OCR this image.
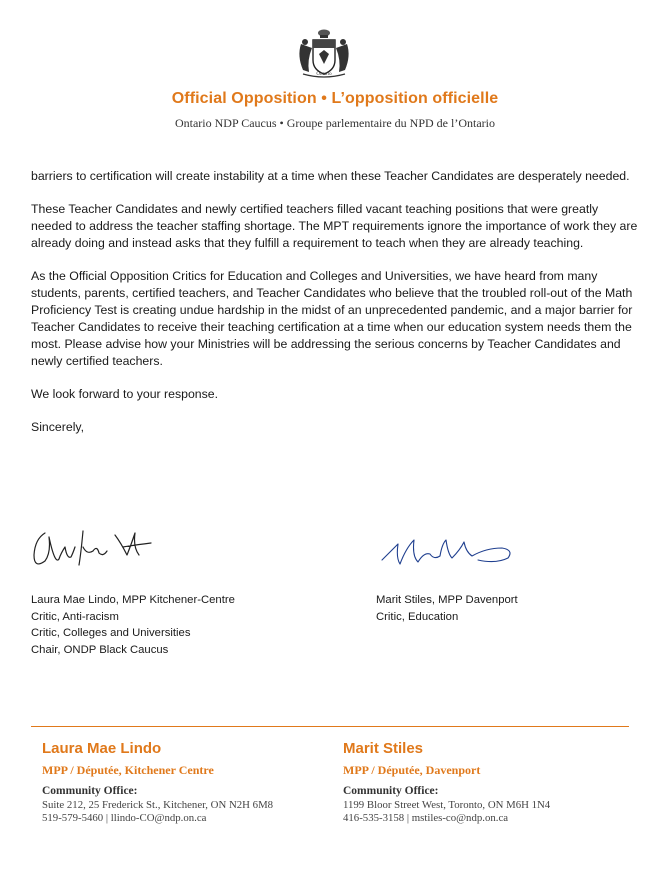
Ontario
Official Opposition • L’opposition officielle
Ontario NDP Caucus • Groupe parlementaire du NPD de l’Ontario

barriers to certification will create instability at a time when these Teacher Candidates are desperately needed.

These Teacher Candidates and newly certified teachers filled vacant teaching positions that were greatly needed to address the teacher staffing shortage. The MPT requirements ignore the importance of work they are already doing and instead asks that they fulfill a requirement to teach when they are already teaching.

As the Official Opposition Critics for Education and Colleges and Universities, we have heard from many students, parents, certified teachers, and Teacher Candidates who believe that the troubled roll-out of the Math Proficiency Test is creating undue hardship in the midst of an unprecedented pandemic, and a major barrier for Teacher Candidates to receive their teaching certification at a time when our education system needs them the most. Please advise how your Ministries will be addressing the serious concerns by Teacher Candidates and newly certified teachers.

We look forward to your response.

Sincerely,

Laura Mae Lindo, MPP Kitchener-Centre
Critic, Anti-racism
Critic, Colleges and Universities
Chair, ONDP Black Caucus
Marit Stiles, MPP Davenport
Critic, Education
Laura Mae Lindo
MPP / Députée, Kitchener Centre
Community Office:
Suite 212, 25 Frederick St., Kitchener, ON N2H 6M8
519-579-5460 | llindo-CO@ndp.on.ca
Marit Stiles
MPP / Députée, Davenport
Community Office:
1199 Bloor Street West, Toronto, ON M6H 1N4
416-535-3158 | mstiles-co@ndp.on.ca
